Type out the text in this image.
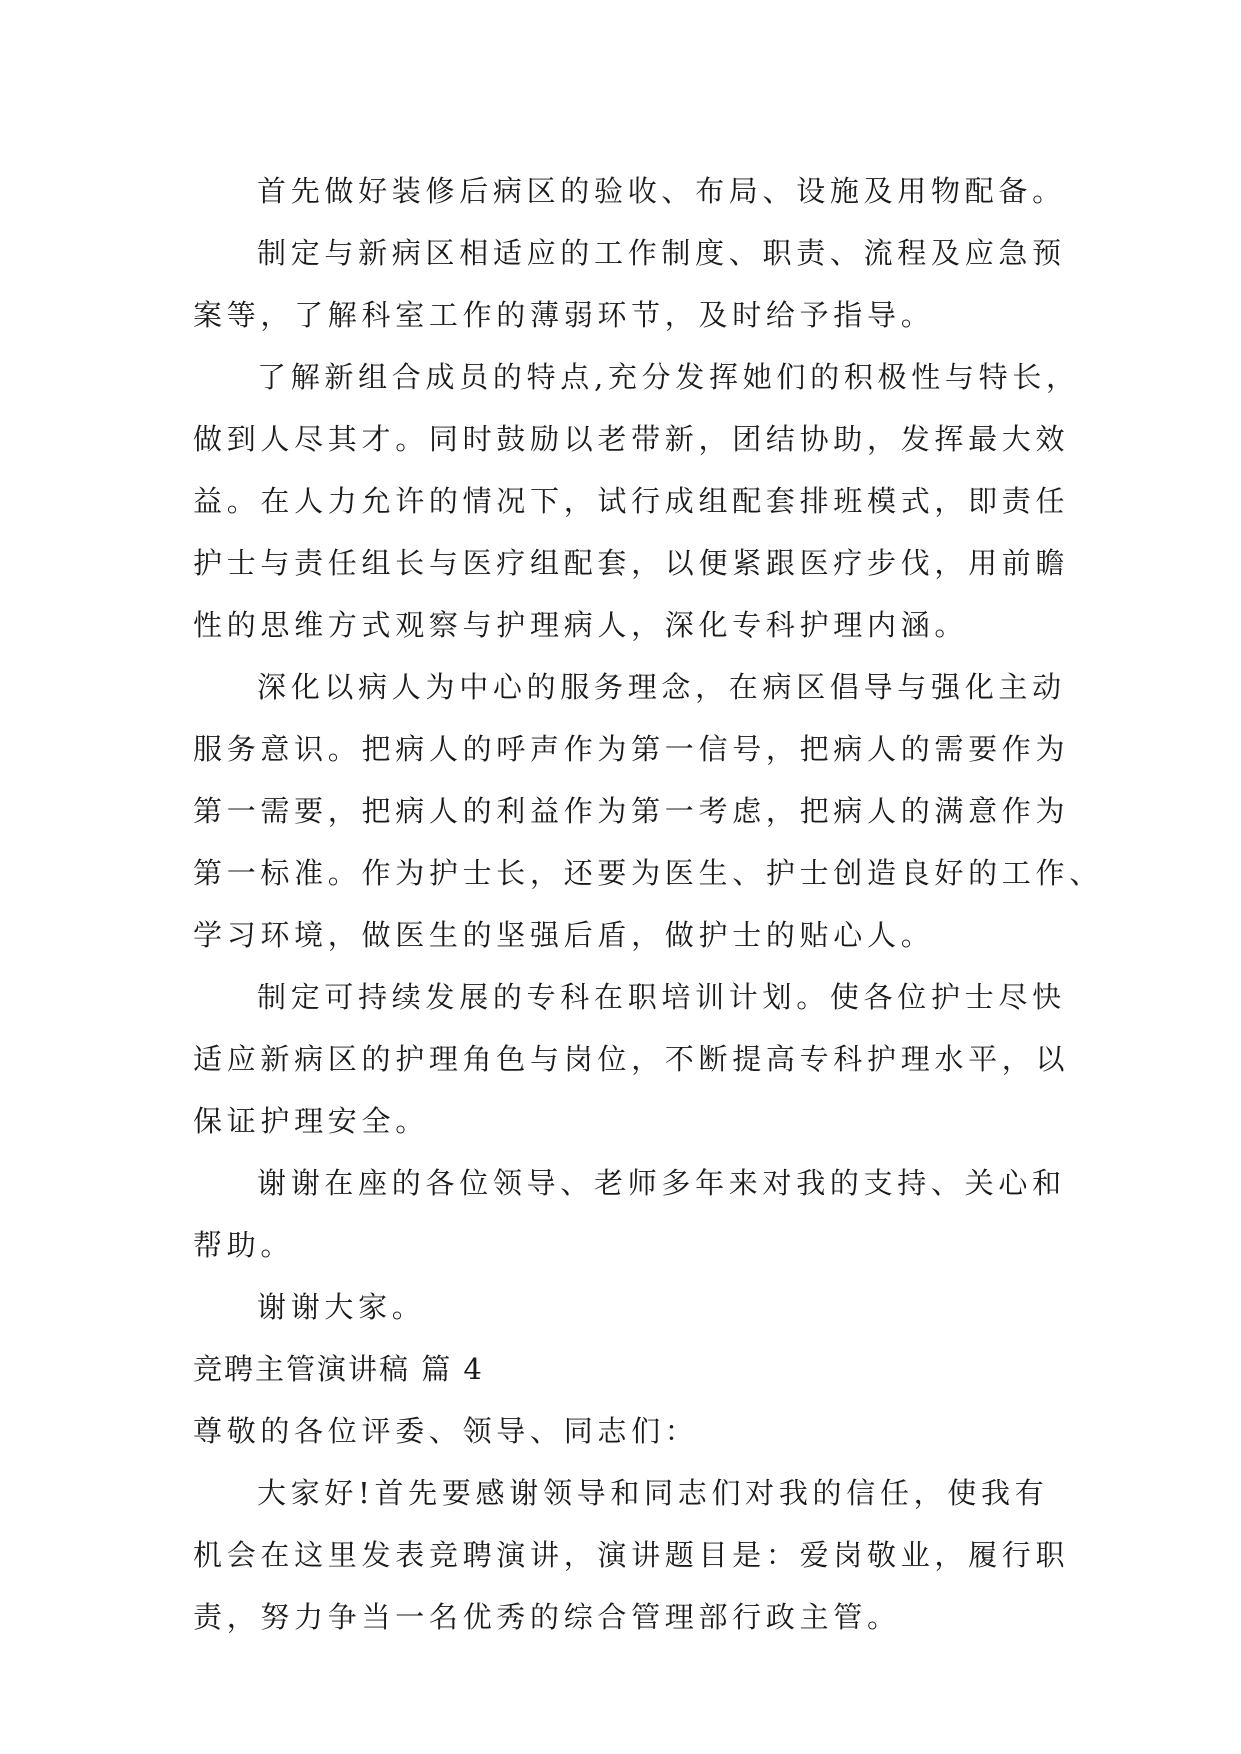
首先做好装修后病区的验收、布局、设施及用物配备。
制定与新病区相适应的工作制度、职责、流程及应急预
案等，了解科室工作的薄弱环节，及时给予指导。
了解新组合成员的特点,充分发挥她们的积极性与特长，
做到人尽其才。同时鼓励以老带新，团结协助，发挥最大效
益。在人力允许的情况下，试行成组配套排班模式，即责任
护士与责任组长与医疗组配套，以便紧跟医疗步伐，用前瞻
性的思维方式观察与护理病人，深化专科护理内涵。
深化以病人为中心的服务理念，在病区倡导与强化主动
服务意识。把病人的呼声作为第一信号，把病人的需要作为
第一需要，把病人的利益作为第一考虑，把病人的满意作为
第一标准。作为护士长，还要为医生、护士创造良好的工作、
学习环境，做医生的坚强后盾，做护士的贴心人。
制定可持续发展的专科在职培训计划。使各位护士尽快
适应新病区的护理角色与岗位，不断提高专科护理水平，以
保证护理安全。
谢谢在座的各位领导、老师多年来对我的支持、关心和
帮助。
谢谢大家。
竞聘主管演讲稿 篇 4
尊敬的各位评委、领导、同志们：
大家好!首先要感谢领导和同志们对我的信任，使我有
机会在这里发表竞聘演讲，演讲题目是：爱岗敬业，履行职
责，努力争当一名优秀的综合管理部行政主管。
